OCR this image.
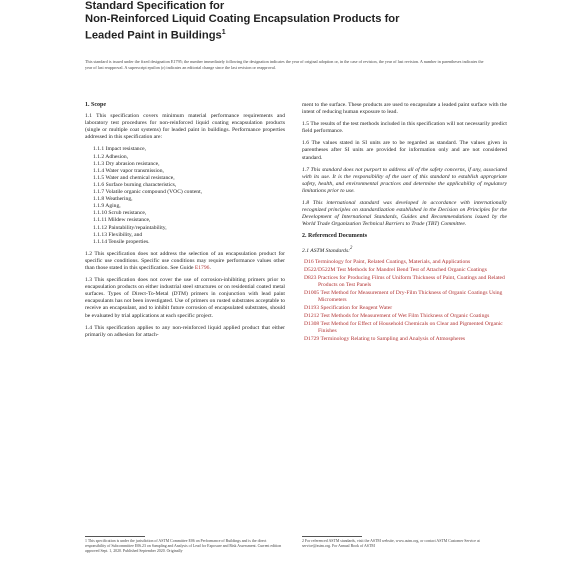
Standard Specification for
Non-Reinforced Liquid Coating Encapsulation Products for
Leaded Paint in Buildings$^1$
This standard is issued under the fixed designation E1795; the number immediately following the designation indicates the year of original adoption or, in the case of revision, the year of last revision. A number in parentheses indicates the year of last reapproval. A superscript epsilon (ε) indicates an editorial change since the last revision or reapproval.
1. Scope
1.1 This specification covers minimum material performance requirements and laboratory test procedures for non-reinforced liquid coating encapsulation products (single or multiple coat systems) for leaded paint in buildings. Performance properties addressed in this specification are:
1.1.1 Impact resistance,
1.1.2 Adhesion,
1.1.3 Dry abrasion resistance,
1.1.4 Water vapor transmission,
1.1.5 Water and chemical resistance,
1.1.6 Surface burning characteristics,
1.1.7 Volatile organic compound (VOC) content,
1.1.8 Weathering,
1.1.9 Aging,
1.1.10 Scrub resistance,
1.1.11 Mildew resistance,
1.1.12 Paintability/repaintability,
1.1.13 Flexibility, and
1.1.14 Tensile properties.
1.2 This specification does not address the selection of an encapsulation product for specific use conditions. Specific use conditions may require performance values other than those stated in this specification. See Guide E1796.
1.3 This specification does not cover the use of corrosion-inhibiting primers prior to encapsulation products on either industrial steel structures or on residential coated metal surfaces. Types of Direct-To-Metal (DTM) primers in conjunction with lead paint encapsulants has not been investigated. Use of primers on rusted substrates acceptable to receive an encapsulant, and to inhibit future corrosion of encapsulated substrates, should be evaluated by trial applications at each specific project.
1.4 This specification applies to any non-reinforced liquid applied product that either primarily on adhesion for attach-
ment to the surface. These products are used to encapsulate a leaded paint surface with the intent of reducing human exposure to lead.
1.5 The results of the test methods included in this specification will not necessarily predict field performance.
1.6 The values stated in SI units are to be regarded as standard. The values given in parentheses after SI units are provided for information only and are not considered standard.
1.7 This standard does not purport to address all of the safety concerns, if any, associated with its use. It is the responsibility of the user of this standard to establish appropriate safety, health, and environmental practices and determine the applicability of regulatory limitations prior to use.
1.8 This international standard was developed in accordance with internationally recognized principles on standardization established in the Decision on Principles for the Development of International Standards, Guides and Recommendations issued by the World Trade Organization Technical Barriers to Trade (TBT) Committee.
2. Referenced Documents
2.1 ASTM Standards:$^2$
D16 Terminology for Paint, Related Coatings, Materials, and Applications
D522/D522M Test Methods for Mandrel Bend Test of Attached Organic Coatings
D823 Practices for Producing Films of Uniform Thickness of Paint, Coatings and Related Products on Test Panels
D1005 Test Method for Measurement of Dry-Film Thickness of Organic Coatings Using Micrometers
D1193 Specification for Reagent Water
D1212 Test Methods for Measurement of Wet Film Thickness of Organic Coatings
D1308 Test Method for Effect of Household Chemicals on Clear and Pigmented Organic Finishes
D1729 Terminology Relating to Sampling and Analysis of Atmospheres
1 This specification is under the jurisdiction of ASTM Committee E06 on Performance of Buildings and is the direct responsibility of Subcommittee E06.23 on Sampling and Analysis of Lead for Exposure and Risk Assessment. Current edition approved Sept. 1, 2020. Published September 2020. Originally
2 For referenced ASTM standards, visit the ASTM website, www.astm.org, or contact ASTM Customer Service at service@astm.org. For Annual Book of ASTM
